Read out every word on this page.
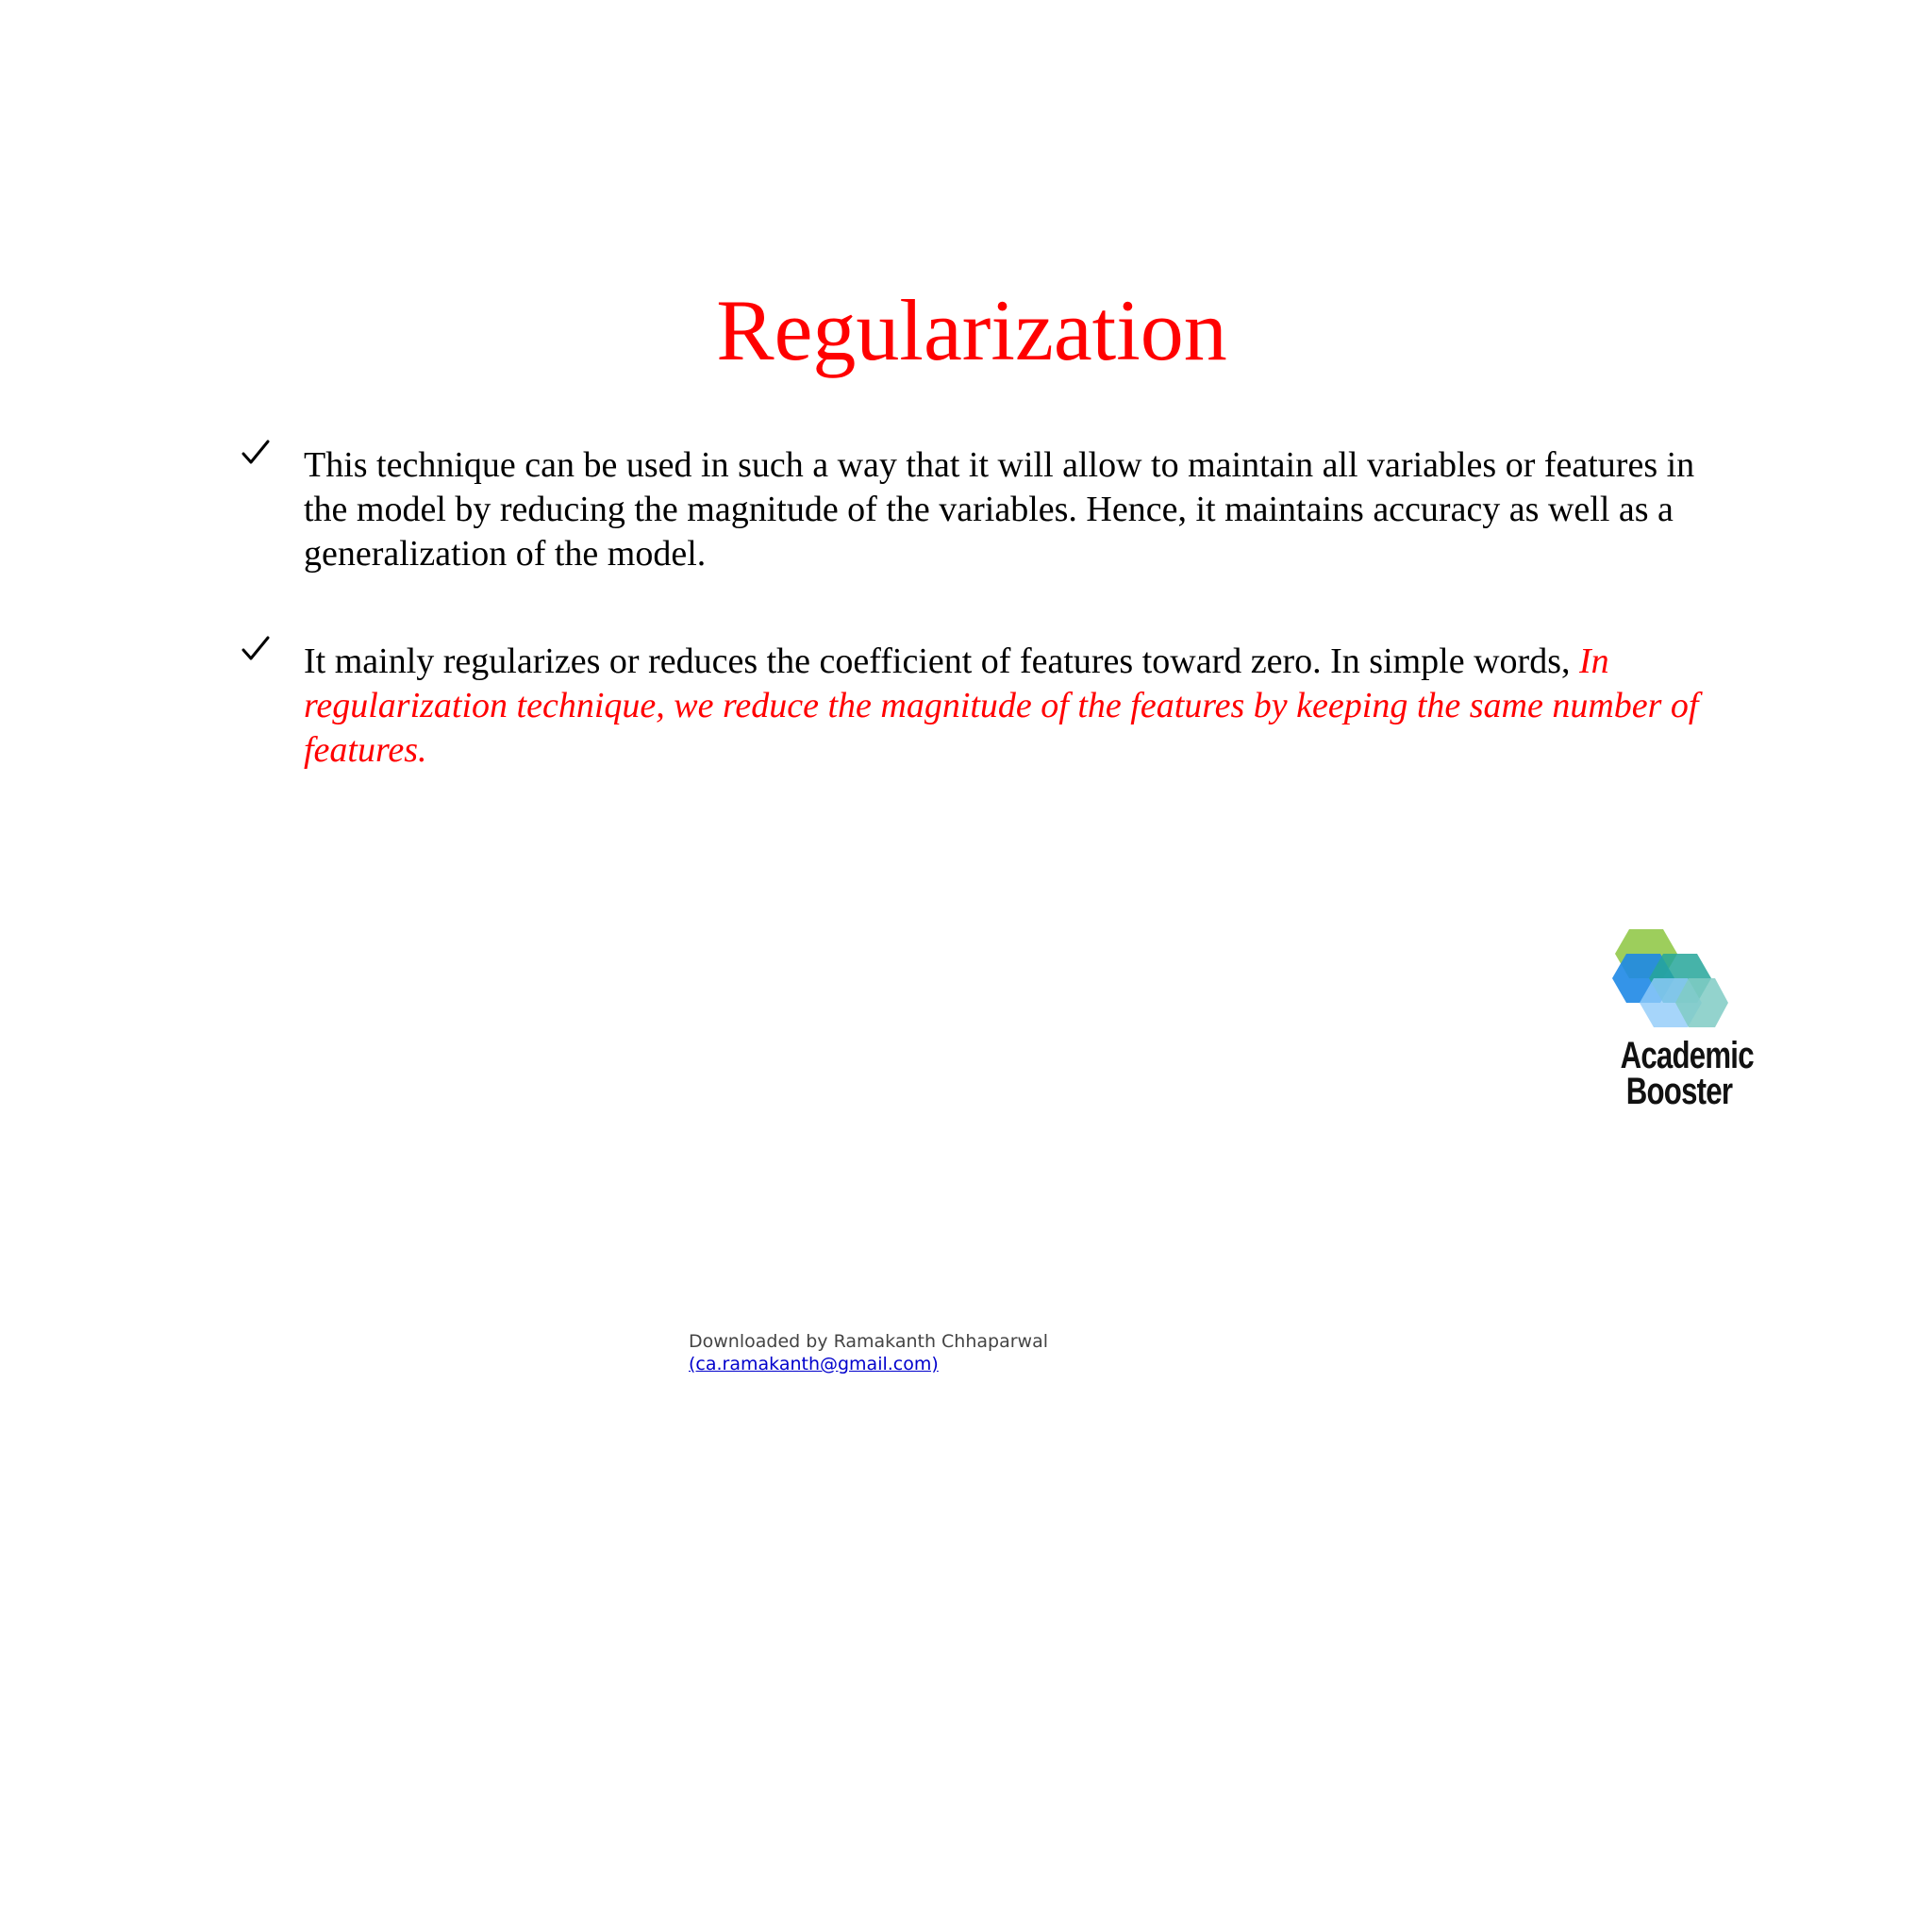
Regularization
This technique can be used in such a way that it will allow to maintain all variables or features in the model by reducing the magnitude of the variables. Hence, it maintains accuracy as well as a generalization of the model.
It mainly regularizes or reduces the coefficient of features toward zero. In simple words, In regularization technique, we reduce the magnitude of the features by keeping the same number of features.
Academic
Booster
Downloaded by Ramakanth Chhaparwal
(ca.ramakanth@gmail.com)
